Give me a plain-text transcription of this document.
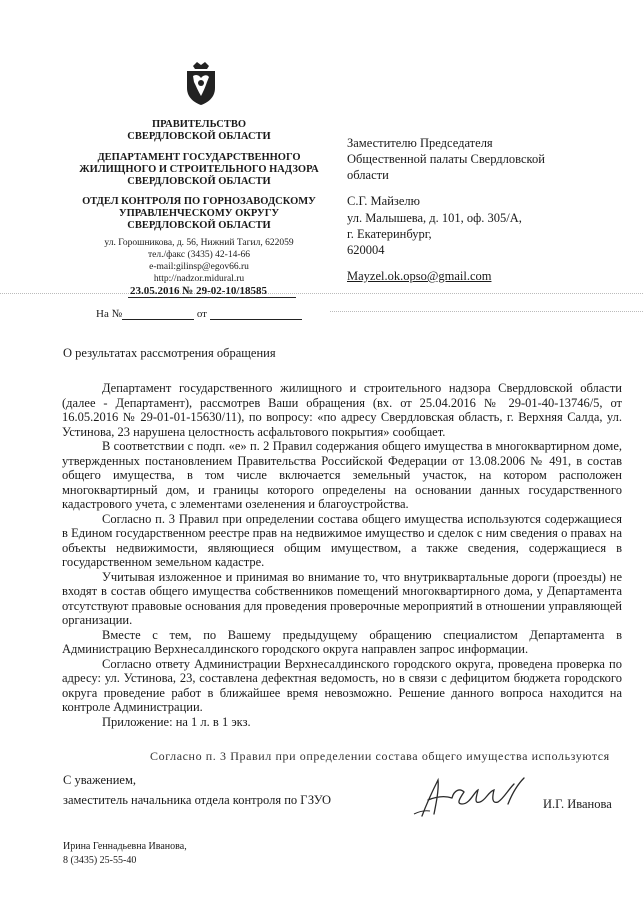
ПРАВИТЕЛЬСТВО
СВЕРДЛОВСКОЙ ОБЛАСТИ
ДЕПАРТАМЕНТ ГОСУДАРСТВЕННОГО
ЖИЛИЩНОГО И СТРОИТЕЛЬНОГО НАДЗОРА
СВЕРДЛОВСКОЙ ОБЛАСТИ
ОТДЕЛ КОНТРОЛЯ ПО ГОРНОЗАВОДСКОМУ
УПРАВЛЕНЧЕСКОМУ ОКРУГУ
СВЕРДЛОВСКОЙ ОБЛАСТИ
ул. Горошникова, д. 56, Нижний Тагил, 622059
тел./факс (3435) 42-14-66
e-mail:gilinsp@egov66.ru
http://nadzor.midural.ru
23.05.2016 № 29-02-10/18585
На №	от
Заместителю Председателя
Общественной палаты Свердловской
области
С.Г. Майзелю
ул. Малышева, д. 101, оф. 305/А,
г. Екатеринбург,
620004
Mayzel.ok.opso@gmail.com
О результатах рассмотрения обращения

Департамент государственного жилищного и строительного надзора Свердловской области (далее - Департамент), рассмотрев Ваши обращения (вх. от 25.04.2016 № 29-01-40-13746/5, от 16.05.2016 № 29-01-01-15630/11), по вопросу: «по адресу Свердловская область, г. Верхняя Салда, ул. Устинова, 23 нарушена целостность асфальтового покрытия» сообщает.

В соответствии с подп. «е» п. 2 Правил содержания общего имущества в многоквартирном доме, утвержденных постановлением Правительства Российской Федерации от 13.08.2006 № 491, в состав общего имущества, в том числе включается земельный участок, на котором расположен многоквартирный дом, и границы которого определены на основании данных государственного кадастрового учета, с элементами озеленения и благоустройства.

Согласно п. 3 Правил при определении состава общего имущества используются содержащиеся в Едином государственном реестре прав на недвижимое имущество и сделок с ним сведения о правах на объекты недвижимости, являющиеся общим имуществом, а также сведения, содержащиеся в государственном земельном кадастре.

Учитывая изложенное и принимая во внимание то, что внутриквартальные дороги (проезды) не входят в состав общего имущества собственников помещений многоквартирного дома, у Департамента отсутствуют правовые основания для проведения проверочные мероприятий в отношении управляющей организации.

Вместе с тем, по Вашему предыдущему обращению специалистом Департамента в Администрацию Верхнесалдинского городского округа направлен запрос информации.

Согласно ответу Администрации Верхнесалдинского городского округа, проведена проверка по адресу: ул. Устинова, 23, составлена дефектная ведомость, но в связи с дефицитом бюджета городского округа проведение работ в ближайшее время невозможно. Решение данного вопроса находится на контроле Администрации.

Приложение: на 1 л. в 1 экз.

Согласно п. 3 Правил при определении состава общего имущества используются
С уважением,
заместитель начальника отдела контроля по ГЗУО	И.Г. Иванова
Ирина Геннадьевна Иванова,
8 (3435) 25-55-40
